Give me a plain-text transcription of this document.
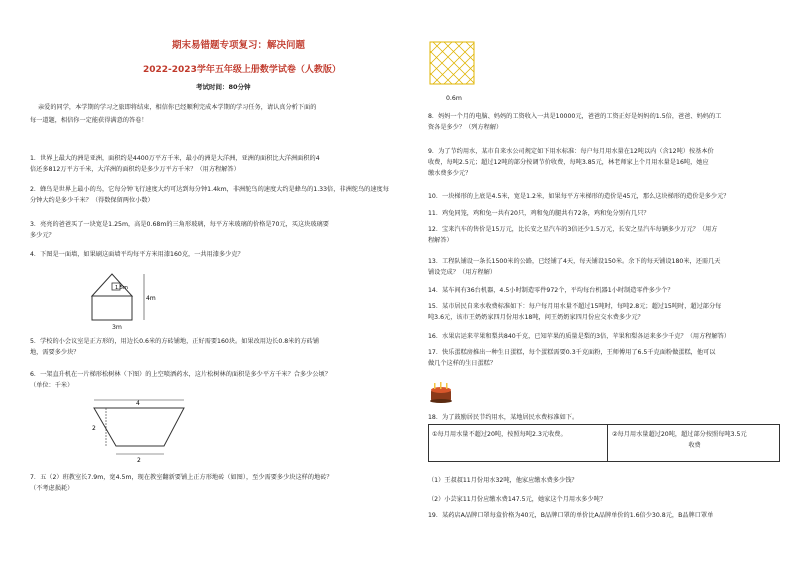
期末易错题专项复习：解决问题
2022-2023学年五年级上册数学试卷（人教版）
考试时间：80分钟
亲爱的同学，本学期的学习之旅即将结束，相信你已经顺利完成本学期的学习任务，请认真分析下面的
每一道题，相信你一定能获得满意的答卷！
1．世界上最大的洲是亚洲，面积约是4400万平方千米，最小的洲是大洋洲，亚洲的面积比大洋洲面积的4
倍还多812万平方千米，大洋洲的面积约是多少万平方千米？（用方程解答）
2．蜂鸟是世界上最小的鸟，它每分钟飞行速度大约可达到每分钟1.4km，非洲鸵鸟的速度大约是蜂鸟的1.33倍，非洲鸵鸟的速度每
分钟大约是多少千米？（得数保留两位小数）
3．亮亮的爸爸买了一块宽是1.25m，高是0.68m的三角形玻璃，每平方米玻璃的价格是70元，买这块玻璃要
多少元？
4．下图是一面墙，如果刷这面墙平均每平方米用漆160克，一共用漆多少克？
1.5m
4m
3m
5．学校的小会议室是正方形的，用边长0.6米的方砖铺地，正好需要160块。如果改用边长0.8米的方砖铺
地，需要多少块？
6．一架直升机在一片梯形松树林（下图）的上空喷洒药水，这片松树林的面积是多少平方千米？合多少公顷？
（单位：千米）
4
2
2
7．五（2）班教室长7.9m，宽4.5m，现在教室翻新要铺上正方形地砖（如图），至少需要多少块这样的地砖？
（不考虑损耗）
0.6m
8．妈妈一个月的电脑、妈妈的工资收入一共是10000元，爸爸的工资正好是妈妈的1.5倍，爸爸、妈妈的工
资各是多少？（列方程解）
9．为了节约用水，某市自来水公司规定如下用水标准：每户每月用水量在12吨以内（含12吨）按基本价
收费，每吨2.5元；超过12吨的部分按调节价收费，每吨3.85元，林老师家上个月用水量是16吨，她应
缴水费多少元？
10．一块梯形的上底是4.5米，宽是1.2米，如果每平方米梯形的造价是45元，那么这块梯形的造价是多少元？
11．鸡兔同笼，鸡和兔一共有20只，鸡和兔的腿共有72条，鸡和兔分别有几只？
12．宝来汽车的售价是15万元，比长安之星汽车的3倍还少1.5万元，长安之星汽车每辆多少万元？（用方
程解答）
13．工程队铺设一条长1500米的公路，已经铺了4天，每天铺设150米。余下的每天铺设180米，还需几天
铺设完成？（用方程解）
14．某车间有36台机器，4.5小时制造零件972个，平均每台机器1小时制造零件多少个？
15．某市居民自来水收费标准如下：每户每月用水量不超过15吨时，每吨2.8元；超过15吨时，超过部分每
吨3.6元，该市王奶奶家四月份用水18吨，问王奶奶家四月份应交水费多少元？
16．水果店运来苹果和梨共840千克，已知苹果的质量是梨的3倍，苹果和梨各运来多少千克？（用方程解答）
17．快乐蛋糕房推出一种生日蛋糕，每个蛋糕需要0.3千克面粉，王师傅用了6.5千克面粉做蛋糕，他可以
做几个这样的生日蛋糕？
18．为了鼓励居民节约用水，某地居民水费标准如下。
①每月用水量不超过20吨，按照每吨2.3元收费。	②每月用水量超过20吨，超过部分按照每吨3.5元
收费
（1）王叔叔11月份用水32吨，他家应缴水费多少钱？
（2）小芸家11月份应缴水费147.5元，她家这个月用水多少吨？
19．某药店A品牌口罩每盒价格为40元，B品牌口罩的单价比A品牌单价的1.6倍少30.8元，B品牌口罩单
